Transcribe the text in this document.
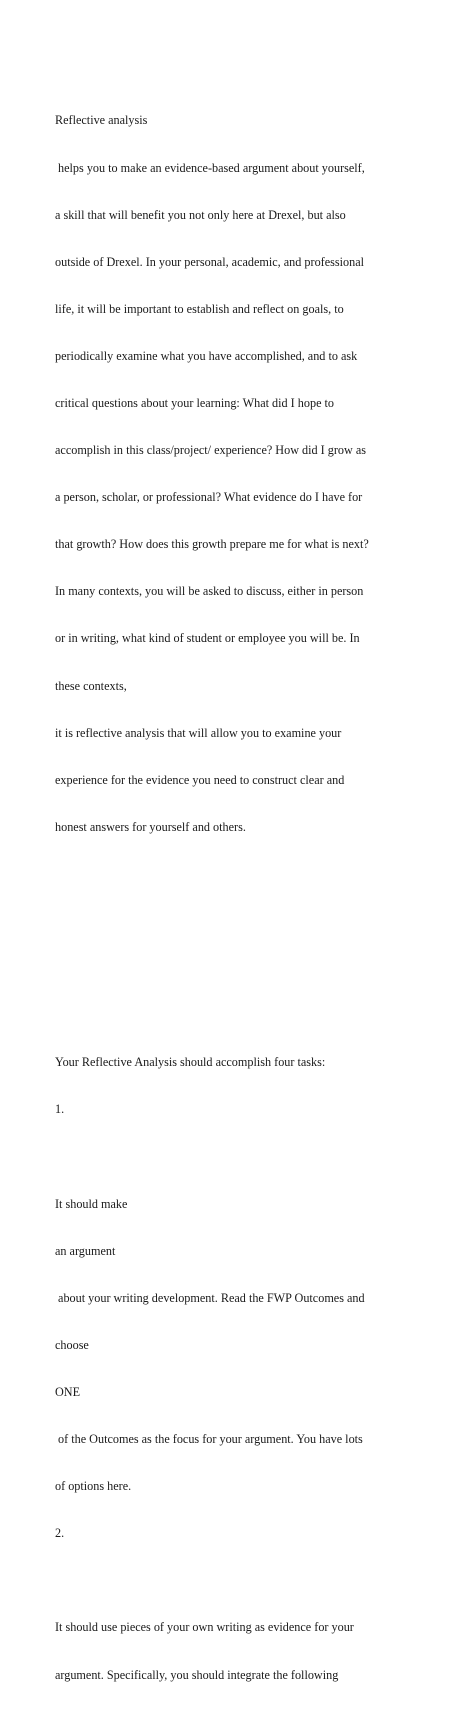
Reflective analysis

helps you to make an evidence-based argument about yourself,

a skill that will benefit you not only here at Drexel, but also

outside of Drexel. In your personal, academic, and professional

life, it will be important to establish and reflect on goals, to

periodically examine what you have accomplished, and to ask

critical questions about your learning: What did I hope to

accomplish in this class/project/ experience? How did I grow as

a person, scholar, or professional? What evidence do I have for

that growth? How does this growth prepare me for what is next?

In many contexts, you will be asked to discuss, either in person

or in writing, what kind of student or employee you will be. In

these contexts,

it is reflective analysis that will allow you to examine your

experience for the evidence you need to construct clear and

honest answers for yourself and others.

Your Reflective Analysis should accomplish four tasks:

1.

It should make

an argument

about your writing development. Read the FWP Outcomes and

choose

ONE

of the Outcomes as the focus for your argument. You have lots

of options here.

2.

It should use pieces of your own writing as evidence for your

argument. Specifically, you should integrate the following
